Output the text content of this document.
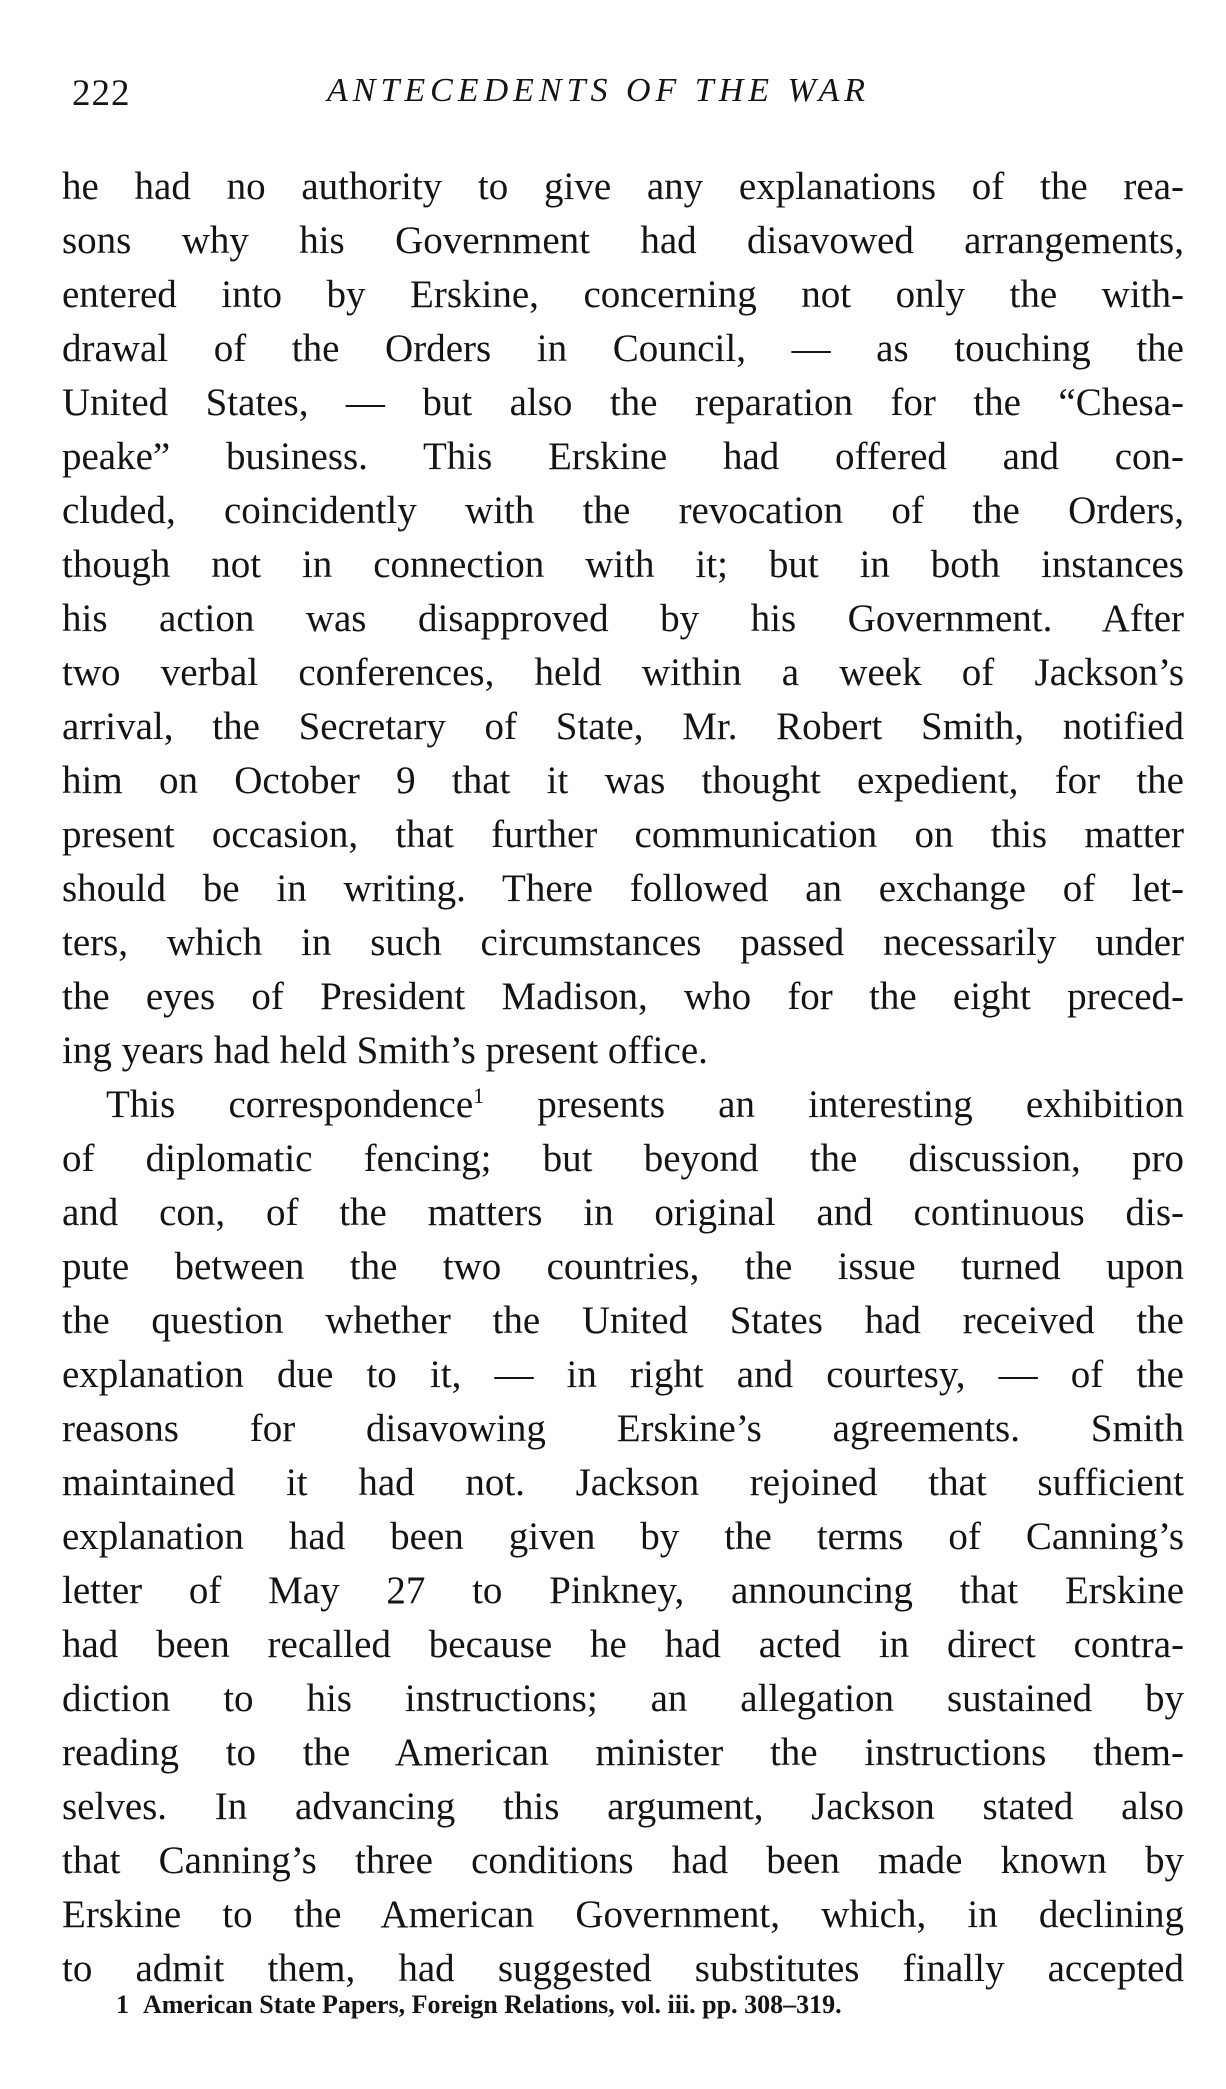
222	ANTECEDENTS OF THE WAR
he had no authority to give any explanations of the rea-
sons why his Government had disavowed arrangements,
entered into by Erskine, concerning not only the with-
drawal of the Orders in Council, — as touching the
United States, — but also the reparation for the “Chesa-
peake” business. This Erskine had offered and con-
cluded, coincidently with the revocation of the Orders,
though not in connection with it; but in both instances
his action was disapproved by his Government. After
two verbal conferences, held within a week of Jackson’s
arrival, the Secretary of State, Mr. Robert Smith, notified
him on October 9 that it was thought expedient, for the
present occasion, that further communication on this matter
should be in writing. There followed an exchange of let-
ters, which in such circumstances passed necessarily under
the eyes of President Madison, who for the eight preced-
ing years had held Smith’s present office.
This correspondence$^1$ presents an interesting exhibition
of diplomatic fencing; but beyond the discussion, pro
and con, of the matters in original and continuous dis-
pute between the two countries, the issue turned upon
the question whether the United States had received the
explanation due to it, — in right and courtesy, — of the
reasons for disavowing Erskine’s agreements. Smith
maintained it had not. Jackson rejoined that sufficient
explanation had been given by the terms of Canning’s
letter of May 27 to Pinkney, announcing that Erskine
had been recalled because he had acted in direct contra-
diction to his instructions; an allegation sustained by
reading to the American minister the instructions them-
selves. In advancing this argument, Jackson stated also
that Canning’s three conditions had been made known by
Erskine to the American Government, which, in declining
to admit them, had suggested substitutes finally accepted
1 American State Papers, Foreign Relations, vol. iii. pp. 308–319.
